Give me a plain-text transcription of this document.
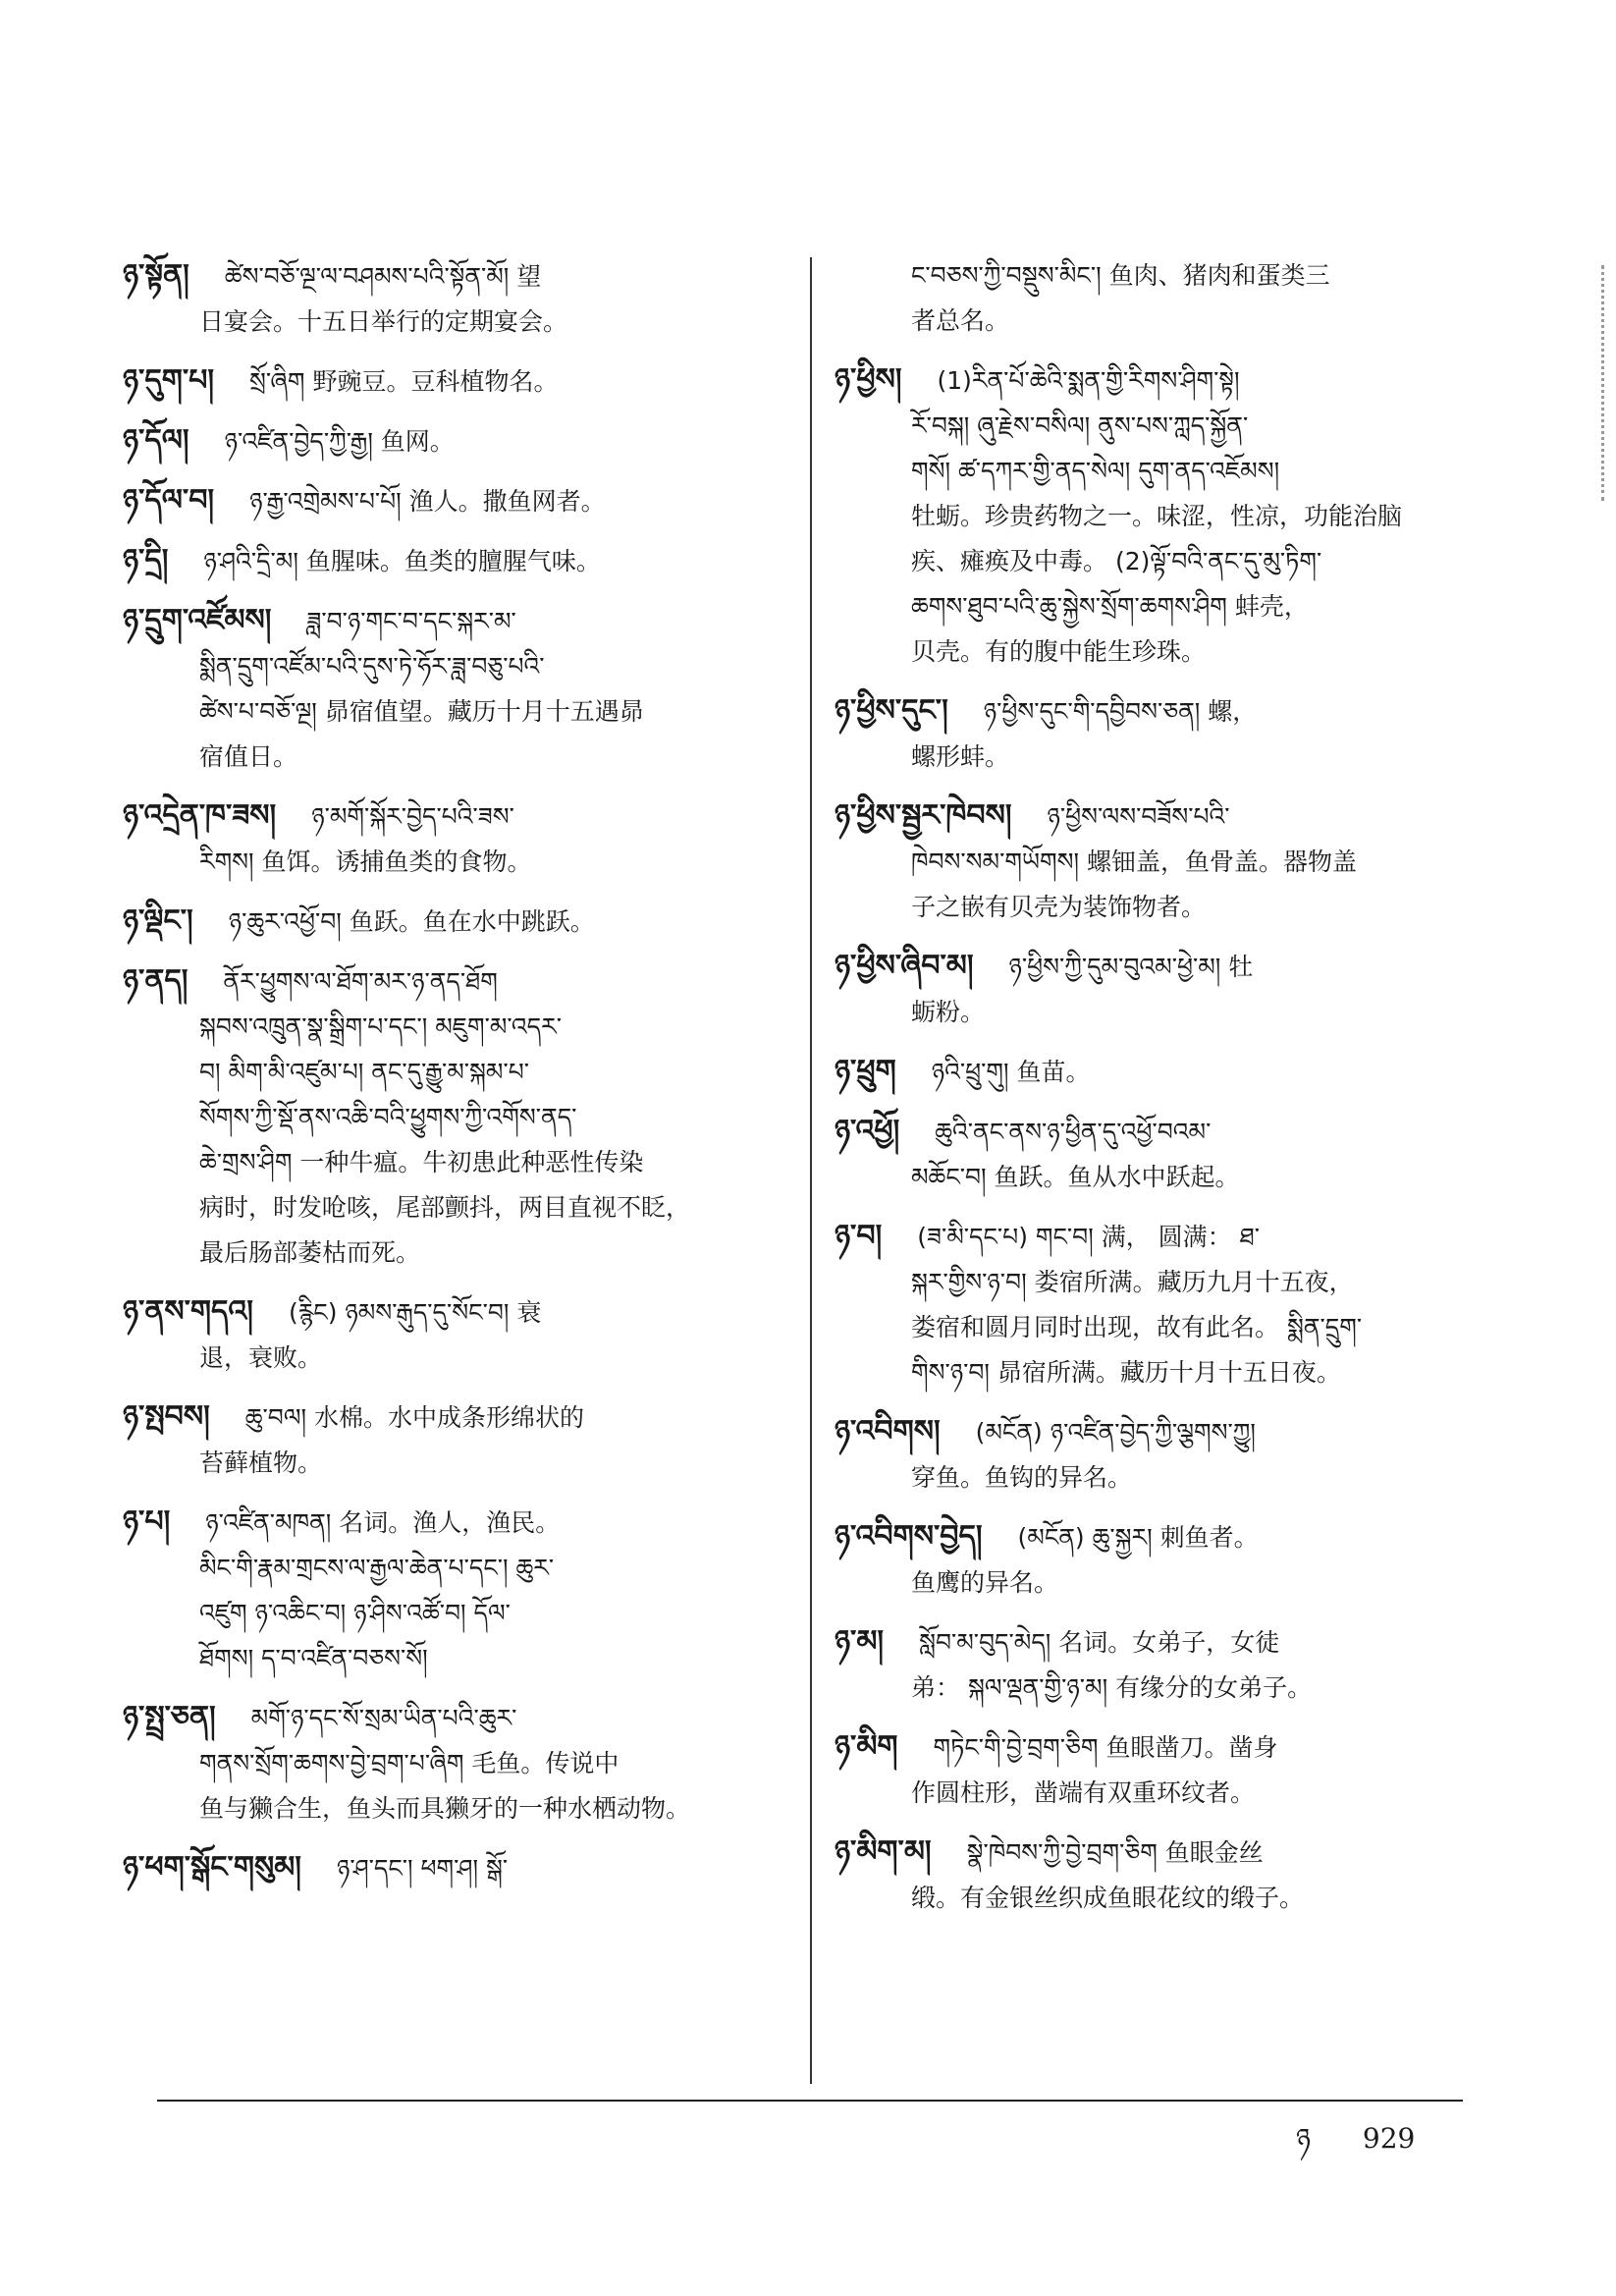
ཉ་སྟོན། ཚེས་བཅོ་ལྔ་ལ་བཤམས་པའི་སྟོན་མོ། 望
日宴会。十五日举行的定期宴会。
ཉ་དུག་པ། སྲོ་ཞིག 野豌豆。豆科植物名。
ཉ་དོལ། ཉ་འཛིན་བྱེད་ཀྱི་རྒྱ། 鱼网。
ཉ་དོལ་བ། ཉ་རྒྱ་འགྲེམས་པ་པོ། 渔人。撒鱼网者。
ཉ་དྲི། ཉ་ཤའི་དྲི་མ། 鱼腥味。鱼类的膻腥气味。
ཉ་དྲུག་འཛོམས། ཟླ་བ་ཉ་གང་བ་དང་སྐར་མ་
སྨིན་དྲུག་འཛོམ་པའི་དུས་ཏེ་ཧོར་ཟླ་བཅུ་པའི་
ཚེས་པ་བཅོ་ལྔ། 昴宿值望。藏历十月十五遇昴
宿值日。
ཉ་འདྲེན་ཁ་ཟས། ཉ་མགོ་སྐོར་བྱེད་པའི་ཟས་
རིགས། 鱼饵。诱捕鱼类的食物。
ཉ་ལྡིང་། ཉ་ཆུར་འཕྱོ་བ། 鱼跃。鱼在水中跳跃。
ཉ་ནད། ནོར་ཕྱུགས་ལ་ཐོག་མར་ཉ་ནད་ཐོག
སྐབས་འཁྲུན་སྣ་སྒྲིག་པ་དང་། མཇུག་མ་འདར་
བ། མིག་མི་འཛུམ་པ། ནང་དུ་རྒྱུ་མ་སྐམ་པ་
སོགས་ཀྱི་སྡོ་ནས་འཆི་བའི་ཕྱུགས་ཀྱི་འགོས་ནད་
ཆེ་གྲས་ཤིག 一种牛瘟。牛初患此种恶性传染
病时，时发呛咳，尾部颤抖，两目直视不眨，
最后肠部萎枯而死。
ཉ་ནས་གདའ། (རྙིང) ཉམས་རྒུད་དུ་སོང་བ། 衰
退，衰败。
ཉ་སྤབས། ཆུ་བལ། 水棉。水中成条形绵状的
苔藓植物。
ཉ་པ། ཉ་འཛིན་མཁན། 名词。渔人，渔民。
མིང་གི་རྣམ་གྲངས་ལ་རྒྱལ་ཆེན་པ་དང་། ཆུར་
འཛུག ཉ་འཆིང་བ། ཉ་ཤིས་འཚོ་བ། དོལ་
ཐོགས། ད་བ་འཛིན་བཅས་སོ།
ཉ་སྤྲ་ཅན། མགོ་ཉ་དང་སོ་སྲམ་ཡིན་པའི་ཆུར་
གནས་སྲོག་ཆགས་བྱེ་བྲག་པ་ཞིག 毛鱼。传说中
鱼与獭合生，鱼头而具獭牙的一种水栖动物。
ཉ་ཕག་སྒོང་གསུམ། ཉ་ཤ་དང་། ཕག་ཤ། སྒོ་
ང་བཅས་ཀྱི་བསྡུས་མིང་། 鱼肉、猪肉和蛋类三
者总名。
ཉ་ཕྱིས། (1)རིན་པོ་ཆེའི་སྨན་གྱི་རིགས་ཤིག་སྟེ།
རོ་བསྐ། ཞུ་རྗེས་བསིལ། ནུས་པས་ཀླད་སྐྱོན་
གསོ། ཚ་དཀར་གྱི་ནད་སེལ། དུག་ནད་འཇོམས།
牡蛎。珍贵药物之一。味涩，性凉，功能治脑
疾、瘫痪及中毒。 (2)ལྟོ་བའི་ནང་དུ་མུ་ཏིག་
ཆགས་ཐུབ་པའི་ཆུ་སྐྱེས་སྲོག་ཆགས་ཤིག 蚌壳，
贝壳。有的腹中能生珍珠。
ཉ་ཕྱིས་དུང་། ཉ་ཕྱིས་དུང་གི་དབྱིབས་ཅན། 螺，
螺形蚌。
ཉ་ཕྱིས་སྦྱར་ཁེབས། ཉ་ཕྱིས་ལས་བཟོས་པའི་
ཁེབས་སམ་གཡོགས། 螺钿盖，鱼骨盖。器物盖
子之嵌有贝壳为装饰物者。
ཉ་ཕྱིས་ཞིབ་མ། ཉ་ཕྱིས་ཀྱི་དུམ་བུའམ་ཕྱེ་མ། 牡
蛎粉。
ཉ་ཕྲུག ཉའི་ཕྲུ་གུ། 鱼苗。
ཉ་འཕྱོ། ཆུའི་ནང་ནས་ཉ་ཕྱིན་དུ་འཕྱོ་བའམ་
མཆོང་བ། 鱼跃。鱼从水中跃起。
ཉ་བ། (ཟ་མི་དང་པ) གང་བ། 满， 圆满： ཐ་
སྐར་གྱིས་ཉ་བ། 娄宿所满。藏历九月十五夜，
娄宿和圆月同时出现，故有此名。 སྨིན་དྲུག་
གིས་ཉ་བ། 昴宿所满。藏历十月十五日夜。
ཉ་འབིགས། (མངོན) ཉ་འཛིན་བྱེད་ཀྱི་ལྕགས་ཀྱུ།
穿鱼。鱼钩的异名。
ཉ་འབིགས་བྱེད། (མངོན) ཆུ་སྐྱར། 刺鱼者。
鱼鹰的异名。
ཉ་མ། སློབ་མ་བུད་མེད། 名词。女弟子，女徒
弟： སྐལ་ལྡན་གྱི་ཉ་མ། 有缘分的女弟子。
ཉ་མིག གཏེང་གི་བྱེ་བྲག་ཅིག 鱼眼凿刀。凿身
作圆柱形，凿端有双重环纹者。
ཉ་མིག་མ། སྣེ་ཁེབས་ཀྱི་བྱེ་བྲག་ཅིག 鱼眼金丝
缎。有金银丝织成鱼眼花纹的缎子。
ཉ 929
